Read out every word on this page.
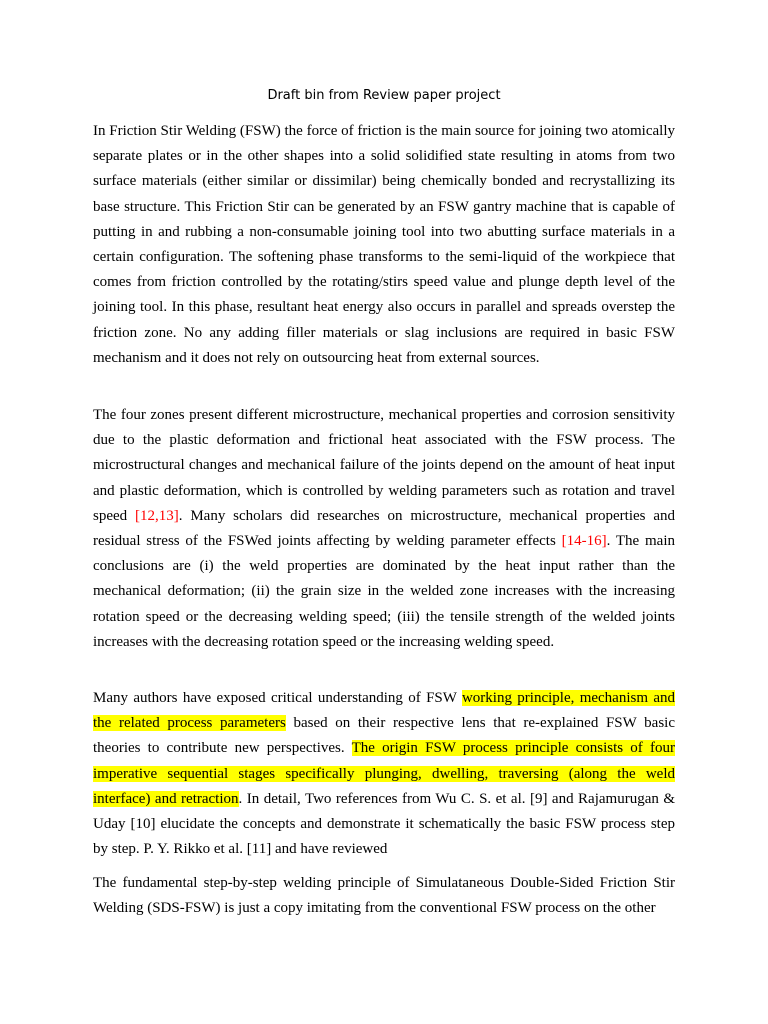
Draft bin from Review paper project

In Friction Stir Welding (FSW) the force of friction is the main source for joining two atomically separate plates or in the other shapes into a solid solidified state resulting in atoms from two surface materials (either similar or dissimilar) being chemically bonded and recrystallizing its base structure. This Friction Stir can be generated by an FSW gantry machine that is capable of putting in and rubbing a non-consumable joining tool into two abutting surface materials in a certain configuration. The softening phase transforms to the semi-liquid of the workpiece that comes from friction controlled by the rotating/stirs speed value and plunge depth level of the joining tool. In this phase, resultant heat energy also occurs in parallel and spreads overstep the friction zone. No any adding filler materials or slag inclusions are required in basic FSW mechanism and it does not rely on outsourcing heat from external sources.

The four zones present different microstructure, mechanical properties and corrosion sensitivity due to the plastic deformation and frictional heat associated with the FSW process. The microstructural changes and mechanical failure of the joints depend on the amount of heat input and plastic deformation, which is controlled by welding parameters such as rotation and travel speed [12,13]. Many scholars did researches on microstructure, mechanical properties and residual stress of the FSWed joints affecting by welding parameter effects [14-16]. The main conclusions are (i) the weld properties are dominated by the heat input rather than the mechanical deformation; (ii) the grain size in the welded zone increases with the increasing rotation speed or the decreasing welding speed; (iii) the tensile strength of the welded joints increases with the decreasing rotation speed or the increasing welding speed.

Many authors have exposed critical understanding of FSW working principle, mechanism and the related process parameters based on their respective lens that re-explained FSW basic theories to contribute new perspectives. The origin FSW process principle consists of four imperative sequential stages specifically plunging, dwelling, traversing (along the weld interface) and retraction. In detail, Two references from Wu C. S. et al. [9] and Rajamurugan & Uday [10] elucidate the concepts and demonstrate it schematically the basic FSW process step by step. P. Y. Rikko et al. [11] and have reviewed

The fundamental step-by-step welding principle of Simulataneous Double-Sided Friction Stir Welding (SDS-FSW) is just a copy imitating from the conventional FSW process on the other
